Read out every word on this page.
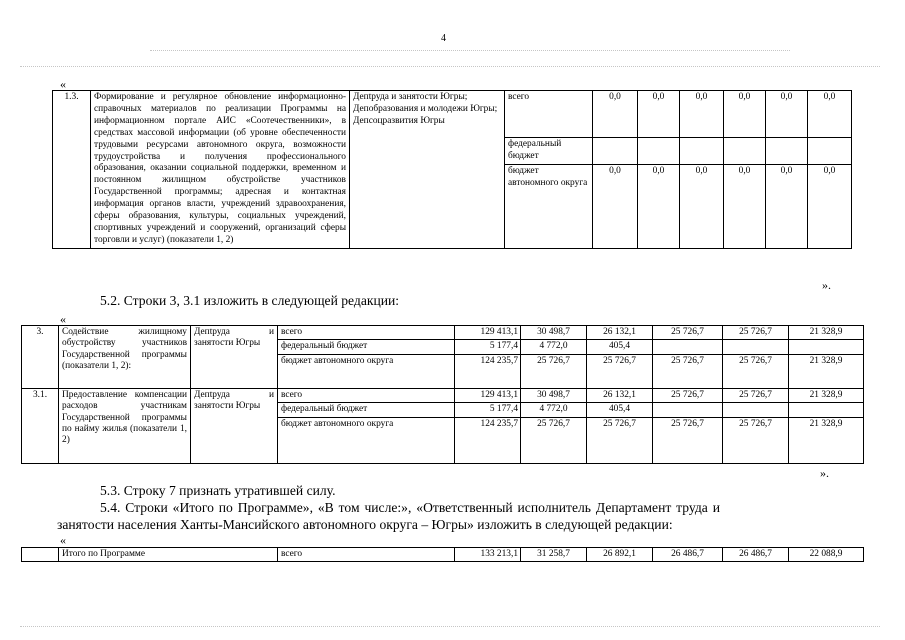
4
«
1.3.	Формирование и регулярное обновление информационно-справочных материалов по реализации Программы на информационном портале АИС «Соотечественники», в средствах массовой информации (об уровне обеспеченности трудовыми ресурсами автономного округа, возможности трудоустройства и получения профессионального образования, оказании социальной поддержки, временном и постоянном жилищном обустройстве участников Государственной программы; адресная и контактная информация органов власти, учреждений здравоохранения, сферы образования, культуры, социальных учреждений, спортивных учреждений и сооружений, организаций сферы торговли и услуг) (показатели 1, 2)	Депtруда и занятости Югры; Депобразования и молодежи Югры; Депсоцразвития Югры	всего	0,0	0,0	0,0	0,0	0,0	0,0
			федеральный бюджет						
			бюджет автономного округа	0,0	0,0	0,0	0,0	0,0	0,0
».
5.2. Строки 3, 3.1 изложить в следующей редакции:
«
3.	Содействие жилищному обустройству участников Государственной программы (показатели 1, 2):	Депtруда и занятости Югры	всего	129 413,1	30 498,7	26 132,1	25 726,7	25 726,7	21 328,9
			федеральный бюджет	5 177,4	4 772,0	405,4			
			бюджет автономного округа	124 235,7	25 726,7	25 726,7	25 726,7	25 726,7	21 328,9
3.1.	Предоставление компенсации расходов участникам Государственной программы по найму жилья (показатели 1, 2)	Депtруда и занятости Югры	всего	129 413,1	30 498,7	26 132,1	25 726,7	25 726,7	21 328,9
			федеральный бюджет	5 177,4	4 772,0	405,4			
			бюджет автономного округа	124 235,7	25 726,7	25 726,7	25 726,7	25 726,7	21 328,9
».
5.3. Строку 7 признать утратившей силу.
5.4. Строки «Итого по Программе», «В том числе:», «Ответственный исполнитель Департамент труда и
занятости населения Ханты-Мансийского автономного округа – Югры» изложить в следующей редакции:
«
	Итого по Программе	всего	133 213,1	31 258,7	26 892,1	26 486,7	26 486,7	22 088,9
